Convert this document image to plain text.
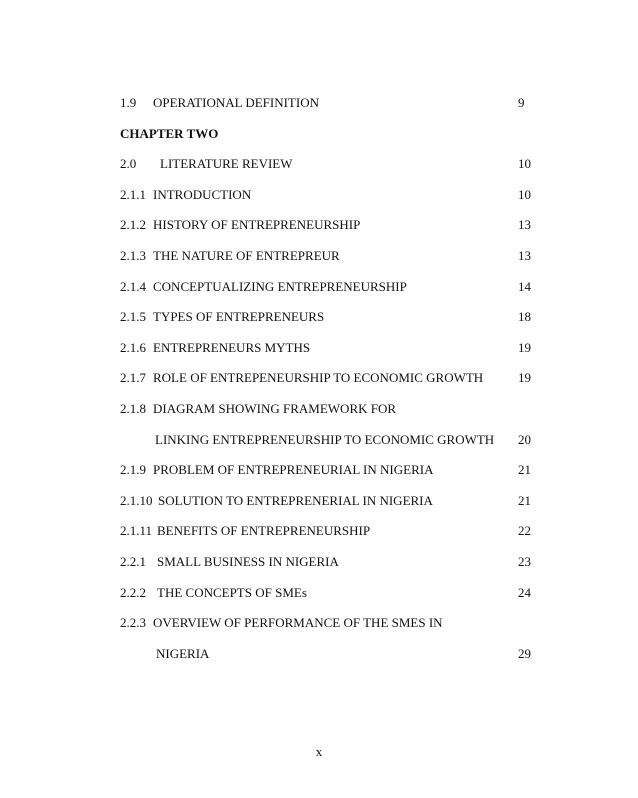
1.9 OPERATIONAL DEFINITION	9
CHAPTER TWO
2.0 LITERATURE REVIEW	10
2.1.1 INTRODUCTION	10
2.1.2 HISTORY OF ENTREPRENEURSHIP	13
2.1.3 THE NATURE OF ENTREPREUR	13
2.1.4 CONCEPTUALIZING ENTREPRENEURSHIP	14
2.1.5 TYPES OF ENTREPRENEURS	18
2.1.6 ENTREPRENEURS MYTHS	19
2.1.7 ROLE OF ENTREPENEURSHIP TO ECONOMIC GROWTH	19
2.1.8 DIAGRAM SHOWING FRAMEWORK FOR
LINKING ENTREPRENEURSHIP TO ECONOMIC GROWTH 20
2.1.9 PROBLEM OF ENTREPRENEURIAL IN NIGERIA	21
2.1.10 SOLUTION TO ENTREPRENERIAL IN NIGERIA	21
2.1.11 BENEFITS OF ENTREPRENEURSHIP	22
2.2.1 SMALL BUSINESS IN NIGERIA	23
2.2.2 THE CONCEPTS OF SMEs	24
2.2.3 OVERVIEW OF PERFORMANCE OF THE SMES IN
NIGERIA	29
x
